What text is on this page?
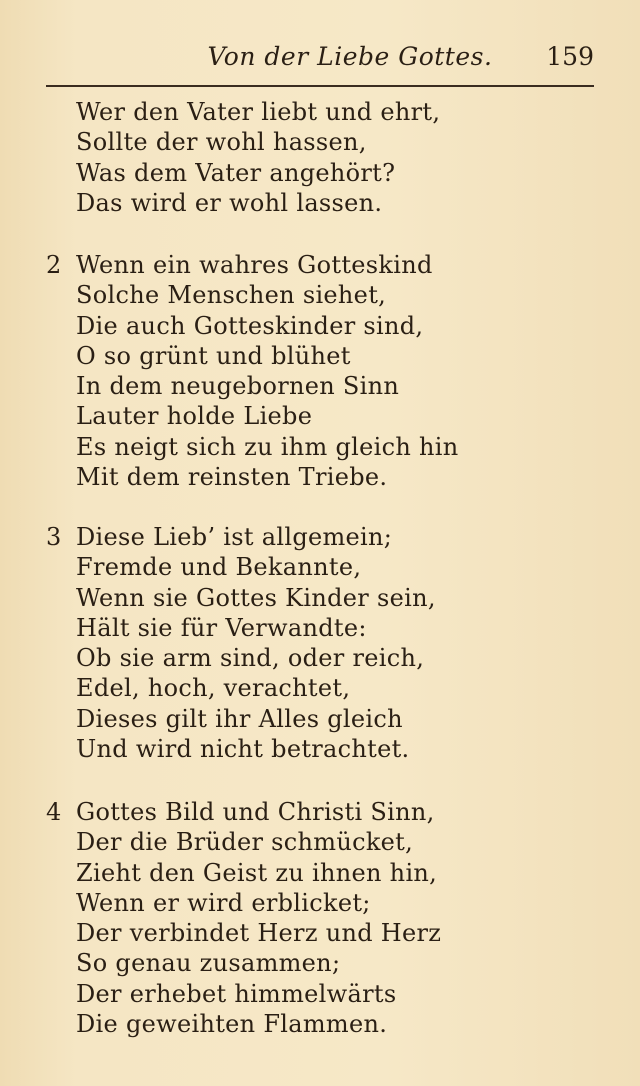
Von der Liebe Gottes.	159
Wer den Vater liebt und ehrt,
Sollte der wohl hassen,
Was dem Vater angehört?
Das wird er wohl lassen.
2 Wenn ein wahres Gotteskind
Solche Menschen siehet,
Die auch Gotteskinder sind,
O so grünt und blühet
In dem neugebornen Sinn
Lauter holde Liebe
Es neigt sich zu ihm gleich hin
Mit dem reinsten Triebe.
3 Diese Lieb’ ist allgemein;
Fremde und Bekannte,
Wenn sie Gottes Kinder sein,
Hält sie für Verwandte:
Ob sie arm sind, oder reich,
Edel, hoch, verachtet,
Dieses gilt ihr Alles gleich
Und wird nicht betrachtet.
4 Gottes Bild und Christi Sinn,
Der die Brüder schmücket,
Zieht den Geist zu ihnen hin,
Wenn er wird erblicket;
Der verbindet Herz und Herz
So genau zusammen;
Der erhebet himmelwärts
Die geweihten Flammen.
